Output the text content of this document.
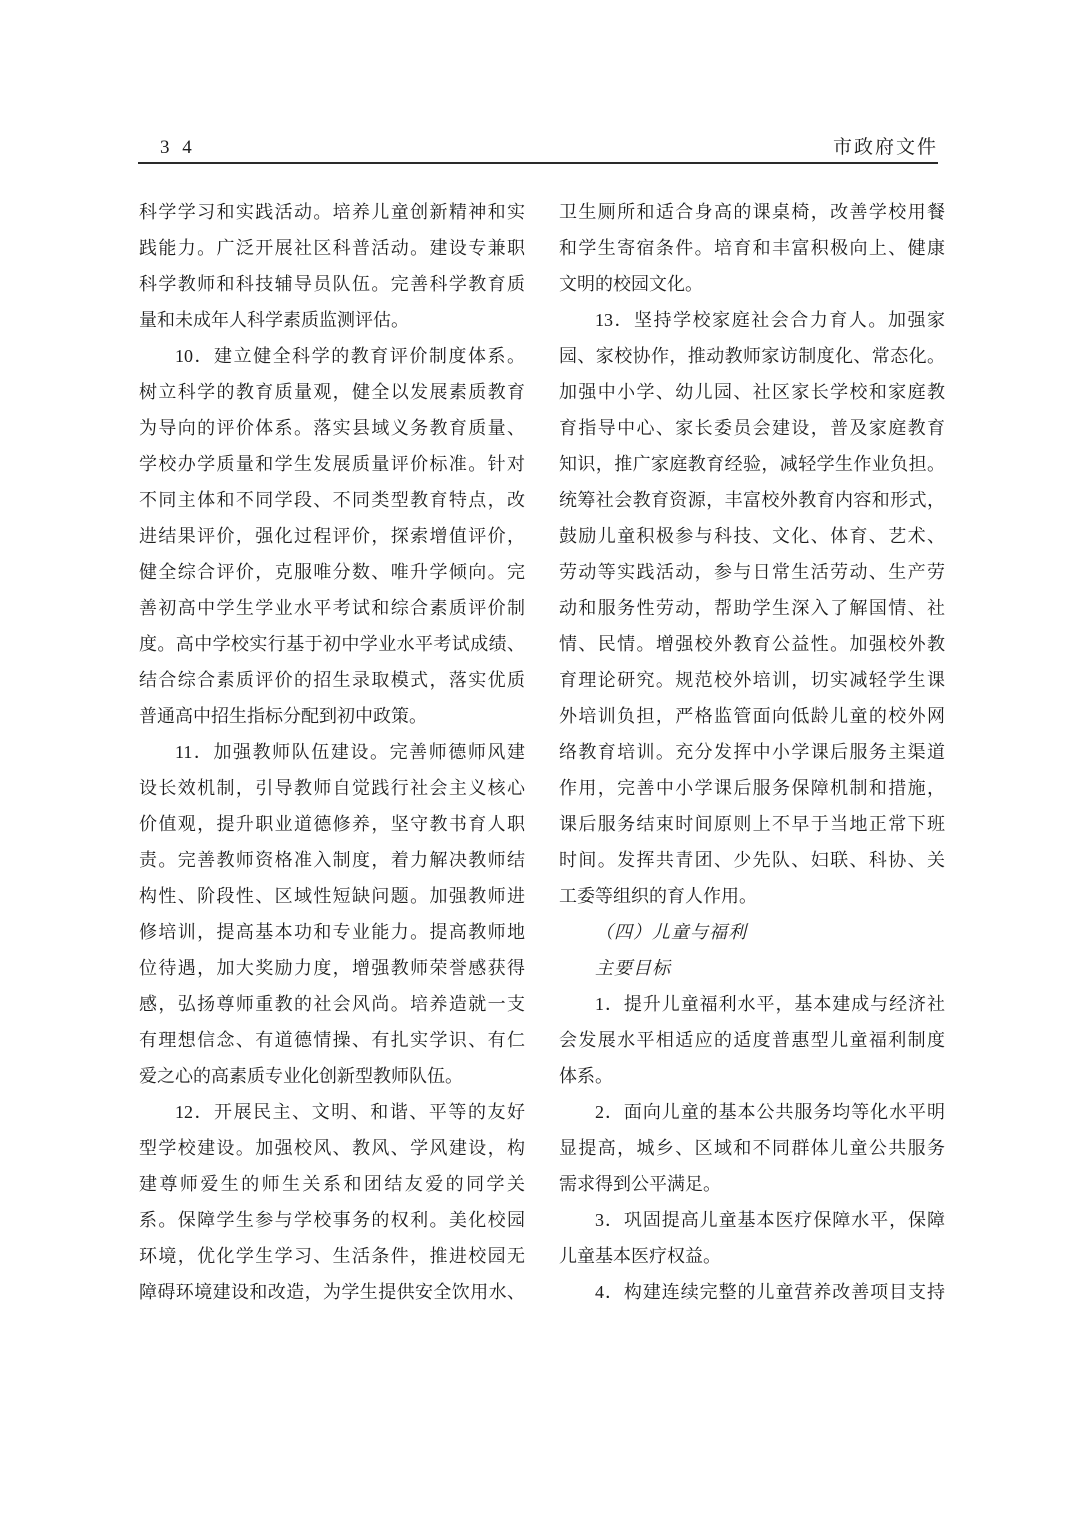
3 4	市政府文件
科学学习和实践活动。培养儿童创新精神和实
践能力。广泛开展社区科普活动。建设专兼职
科学教师和科技辅导员队伍。完善科学教育质
量和未成年人科学素质监测评估。
10．建立健全科学的教育评价制度体系。
树立科学的教育质量观，健全以发展素质教育
为导向的评价体系。落实县域义务教育质量、
学校办学质量和学生发展质量评价标准。针对
不同主体和不同学段、不同类型教育特点，改
进结果评价，强化过程评价，探索增值评价，
健全综合评价，克服唯分数、唯升学倾向。完
善初高中学生学业水平考试和综合素质评价制
度。高中学校实行基于初中学业水平考试成绩、
结合综合素质评价的招生录取模式，落实优质
普通高中招生指标分配到初中政策。
11．加强教师队伍建设。完善师德师风建
设长效机制，引导教师自觉践行社会主义核心
价值观，提升职业道德修养，坚守教书育人职
责。完善教师资格准入制度，着力解决教师结
构性、阶段性、区域性短缺问题。加强教师进
修培训，提高基本功和专业能力。提高教师地
位待遇，加大奖励力度，增强教师荣誉感获得
感，弘扬尊师重教的社会风尚。培养造就一支
有理想信念、有道德情操、有扎实学识、有仁
爱之心的高素质专业化创新型教师队伍。
12．开展民主、文明、和谐、平等的友好
型学校建设。加强校风、教风、学风建设，构
建尊师爱生的师生关系和团结友爱的同学关
系。保障学生参与学校事务的权利。美化校园
环境，优化学生学习、生活条件，推进校园无
障碍环境建设和改造，为学生提供安全饮用水、
卫生厕所和适合身高的课桌椅，改善学校用餐
和学生寄宿条件。培育和丰富积极向上、健康
文明的校园文化。
13．坚持学校家庭社会合力育人。加强家
园、家校协作，推动教师家访制度化、常态化。
加强中小学、幼儿园、社区家长学校和家庭教
育指导中心、家长委员会建设，普及家庭教育
知识，推广家庭教育经验，减轻学生作业负担。
统筹社会教育资源，丰富校外教育内容和形式，
鼓励儿童积极参与科技、文化、体育、艺术、
劳动等实践活动，参与日常生活劳动、生产劳
动和服务性劳动，帮助学生深入了解国情、社
情、民情。增强校外教育公益性。加强校外教
育理论研究。规范校外培训，切实减轻学生课
外培训负担，严格监管面向低龄儿童的校外网
络教育培训。充分发挥中小学课后服务主渠道
作用，完善中小学课后服务保障机制和措施，
课后服务结束时间原则上不早于当地正常下班
时间。发挥共青团、少先队、妇联、科协、关
工委等组织的育人作用。
（四）儿童与福利
主要目标
1．提升儿童福利水平，基本建成与经济社
会发展水平相适应的适度普惠型儿童福利制度
体系。
2．面向儿童的基本公共服务均等化水平明
显提高，城乡、区域和不同群体儿童公共服务
需求得到公平满足。
3．巩固提高儿童基本医疗保障水平，保障
儿童基本医疗权益。
4．构建连续完整的儿童营养改善项目支持
